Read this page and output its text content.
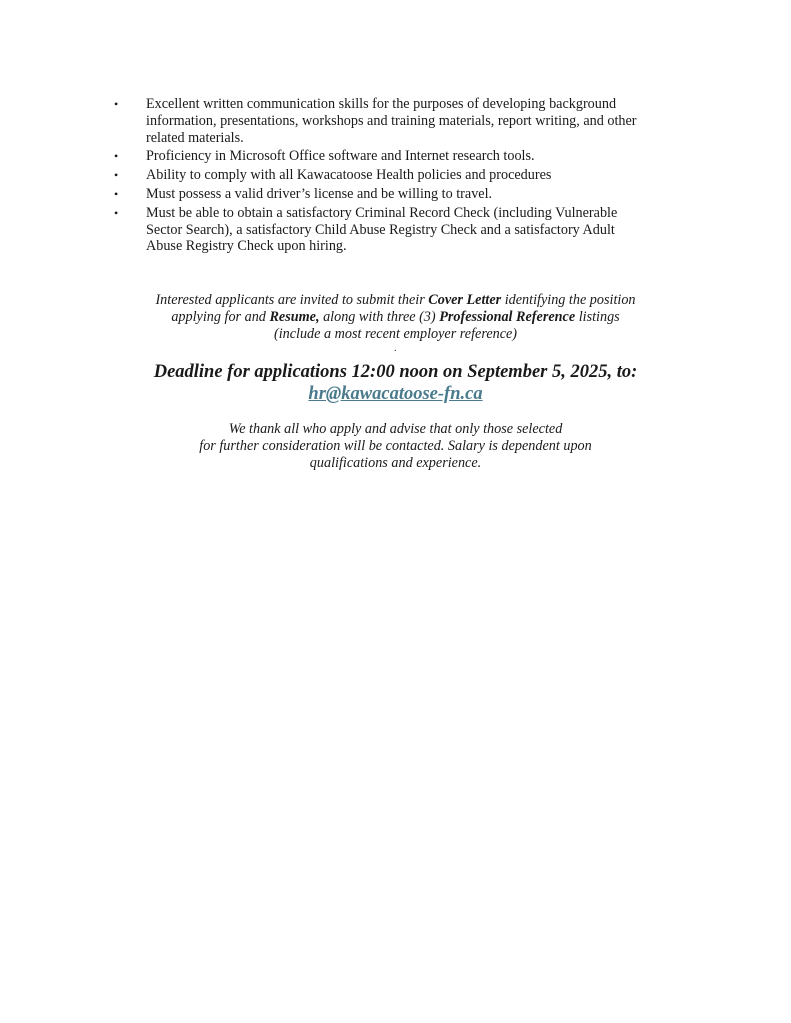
• Excellent written communication skills for the purposes of developing background
information, presentations, workshops and training materials, report writing, and other
related materials.
• Proficiency in Microsoft Office software and Internet research tools.
• Ability to comply with all Kawacatoose Health policies and procedures
• Must possess a valid driver’s license and be willing to travel.
• Must be able to obtain a satisfactory Criminal Record Check (including Vulnerable
Sector Search), a satisfactory Child Abuse Registry Check and a satisfactory Adult
Abuse Registry Check upon hiring.

Interested applicants are invited to submit their Cover Letter identifying the position

applying for and Resume, along with three (3) Professional Reference listings

(include a most recent employer reference)

.

Deadline for applications 12:00 noon on September 5, 2025, to:
hr@kawacatoose-fn.ca

We thank all who apply and advise that only those selected

for further consideration will be contacted. Salary is dependent upon

qualifications and experience.
